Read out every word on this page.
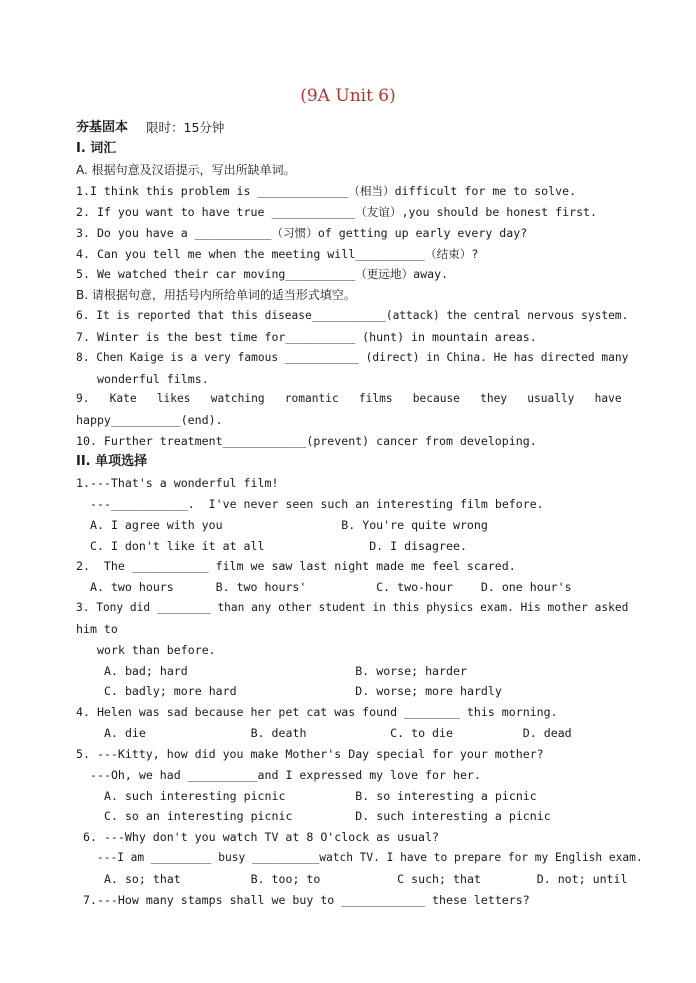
(9A Unit 6)
夯基固本 限时：15分钟
I. 词汇
A. 根据句意及汉语提示，写出所缺单词。
1.I think this problem is _____________（相当）difficult for me to solve.
2. If you want to have true ____________（友谊）,you should be honest first.
3. Do you have a ___________（习惯）of getting up early every day?
4. Can you tell me when the meeting will__________（结束）?
5. We watched their car moving__________（更远地）away.
B. 请根据句意，用括号内所给单词的适当形式填空。
6. It is reported that this disease___________(attack) the central nervous system.
7. Winter is the best time for__________ (hunt) in mountain areas.
8. Chen Kaige is a very famous ___________ (direct) in China. He has directed many
wonderful films.
9.   Kate   likes   watching   romantic   films   because   they   usually   have
happy__________(end).
10. Further treatment____________(prevent) cancer from developing.
II. 单项选择
1.---That's a wonderful film!
---___________.  I've never seen such an interesting film before.
A. I agree with you                 B. You're quite wrong
C. I don't like it at all               D. I disagree.
2.  The ___________ film we saw last night made me feel scared.
A. two hours      B. two hours'          C. two-hour    D. one hour's
3. Tony did ________ than any other student in this physics exam. His mother asked
him to
work than before.
A. bad; hard                        B. worse; harder
C. badly; more hard                 D. worse; more hardly
4. Helen was sad because her pet cat was found ________ this morning.
A. die               B. death            C. to die          D. dead
5. ---Kitty, how did you make Mother's Day special for your mother?
---Oh, we had __________and I expressed my love for her.
A. such interesting picnic          B. so interesting a picnic
C. so an interesting picnic         D. such interesting a picnic
6. ---Why don't you watch TV at 8 O'clock as usual?
---I am _________ busy __________watch TV. I have to prepare for my English exam.
A. so; that          B. too; to           C such; that        D. not; until
7.---How many stamps shall we buy to ____________ these letters?
